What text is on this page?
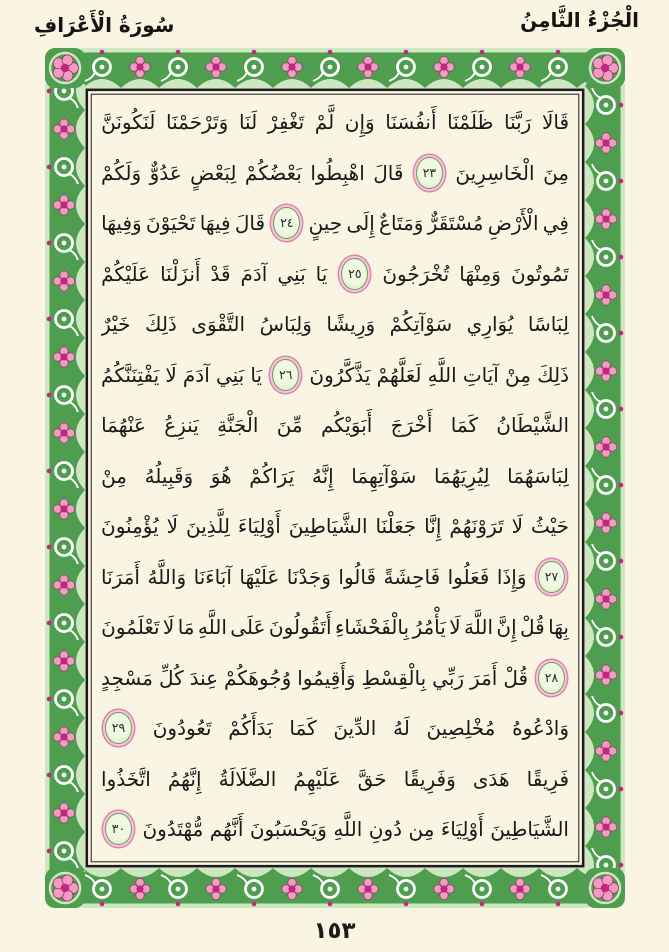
الْجُزْءُ الثَّامِنُ
سُورَةُ الْأَعْرَافِ
قَالَا
رَبَّنَا
ظَلَمْنَا
أَنفُسَنَا
وَإِن
لَّمْ
تَغْفِرْ
لَنَا
وَتَرْحَمْنَا
لَنَكُونَنَّ
مِنَ
الْخَاسِرِينَ
٢٣
قَالَ
اهْبِطُوا
بَعْضُكُمْ
لِبَعْضٍ
عَدُوٌّ
وَلَكُمْ
فِي
الْأَرْضِ
مُسْتَقَرٌّ
وَمَتَاعٌ
إِلَى
حِينٍ
٢٤
قَالَ
فِيهَا
تَحْيَوْنَ
وَفِيهَا
تَمُوتُونَ
وَمِنْهَا
تُخْرَجُونَ
٢٥
يَا
بَنِي
آدَمَ
قَدْ
أَنزَلْنَا
عَلَيْكُمْ
لِبَاسًا
يُوَارِي
سَوْآتِكُمْ
وَرِيشًا
وَلِبَاسُ
التَّقْوَى
ذَلِكَ
خَيْرٌ
ذَلِكَ
مِنْ
آيَاتِ
اللَّهِ
لَعَلَّهُمْ
يَذَّكَّرُونَ
٢٦
يَا
بَنِي
آدَمَ
لَا
يَفْتِنَنَّكُمُ
الشَّيْطَانُ
كَمَا
أَخْرَجَ
أَبَوَيْكُم
مِّنَ
الْجَنَّةِ
يَنزِعُ
عَنْهُمَا
لِبَاسَهُمَا
لِيُرِيَهُمَا
سَوْآتِهِمَا
إِنَّهُ
يَرَاكُمْ
هُوَ
وَقَبِيلُهُ
مِنْ
حَيْثُ
لَا
تَرَوْنَهُمْ
إِنَّا
جَعَلْنَا
الشَّيَاطِينَ
أَوْلِيَاءَ
لِلَّذِينَ
لَا
يُؤْمِنُونَ
٢٧
وَإِذَا
فَعَلُوا
فَاحِشَةً
قَالُوا
وَجَدْنَا
عَلَيْهَا
آبَاءَنَا
وَاللَّهُ
أَمَرَنَا
بِهَا
قُلْ
إِنَّ
اللَّهَ
لَا
يَأْمُرُ
بِالْفَحْشَاءِ
أَتَقُولُونَ
عَلَى
اللَّهِ
مَا
لَا
تَعْلَمُونَ
٢٨
قُلْ
أَمَرَ
رَبِّي
بِالْقِسْطِ
وَأَقِيمُوا
وُجُوهَكُمْ
عِندَ
كُلِّ
مَسْجِدٍ
وَادْعُوهُ
مُخْلِصِينَ
لَهُ
الدِّينَ
كَمَا
بَدَأَكُمْ
تَعُودُونَ
٢٩
فَرِيقًا
هَدَى
وَفَرِيقًا
حَقَّ
عَلَيْهِمُ
الضَّلَالَةُ
إِنَّهُمُ
اتَّخَذُوا
الشَّيَاطِينَ
أَوْلِيَاءَ
مِن
دُونِ
اللَّهِ
وَيَحْسَبُونَ
أَنَّهُم
مُّهْتَدُونَ
٣٠
١٥٣
